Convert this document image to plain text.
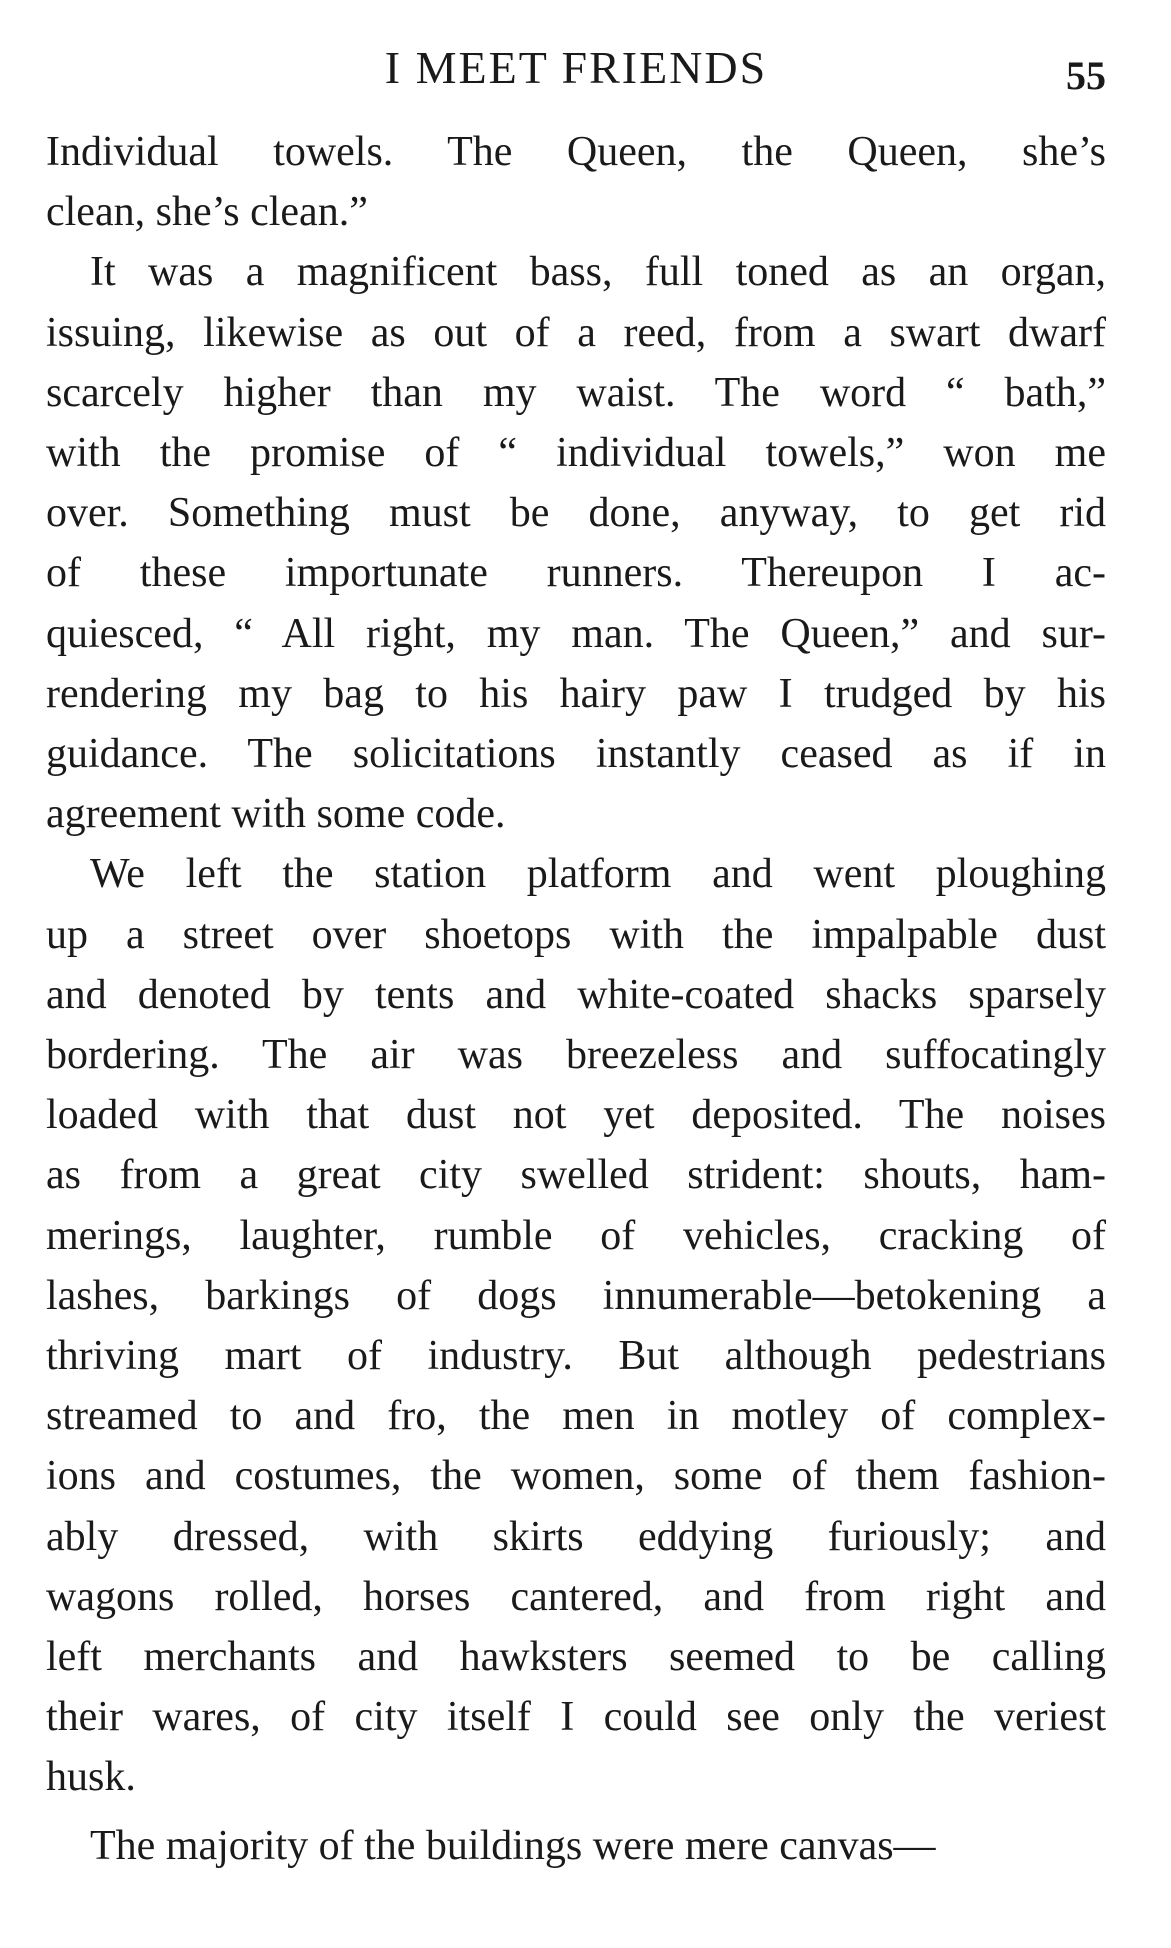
I MEET FRIENDS	55

Individual towels. The Queen, the Queen, she’s
clean, she’s clean.”

It was a magnificent bass, full toned as an organ,
issuing, likewise as out of a reed, from a swart dwarf
scarcely higher than my waist. The word “ bath,”
with the promise of “ individual towels,” won me
over. Something must be done, anyway, to get rid
of these importunate runners. Thereupon I ac-
quiesced, “ All right, my man. The Queen,” and sur-
rendering my bag to his hairy paw I trudged by his
guidance. The solicitations instantly ceased as if in
agreement with some code.

We left the station platform and went ploughing
up a street over shoetops with the impalpable dust
and denoted by tents and white-coated shacks sparsely
bordering. The air was breezeless and suffocatingly
loaded with that dust not yet deposited. The noises
as from a great city swelled strident: shouts, ham-
merings, laughter, rumble of vehicles, cracking of
lashes, barkings of dogs innumerable—betokening a
thriving mart of industry. But although pedestrians
streamed to and fro, the men in motley of complex-
ions and costumes, the women, some of them fashion-
ably dressed, with skirts eddying furiously; and
wagons rolled, horses cantered, and from right and
left merchants and hawksters seemed to be calling
their wares, of city itself I could see only the veriest
husk.

The majority of the buildings were mere canvas—
